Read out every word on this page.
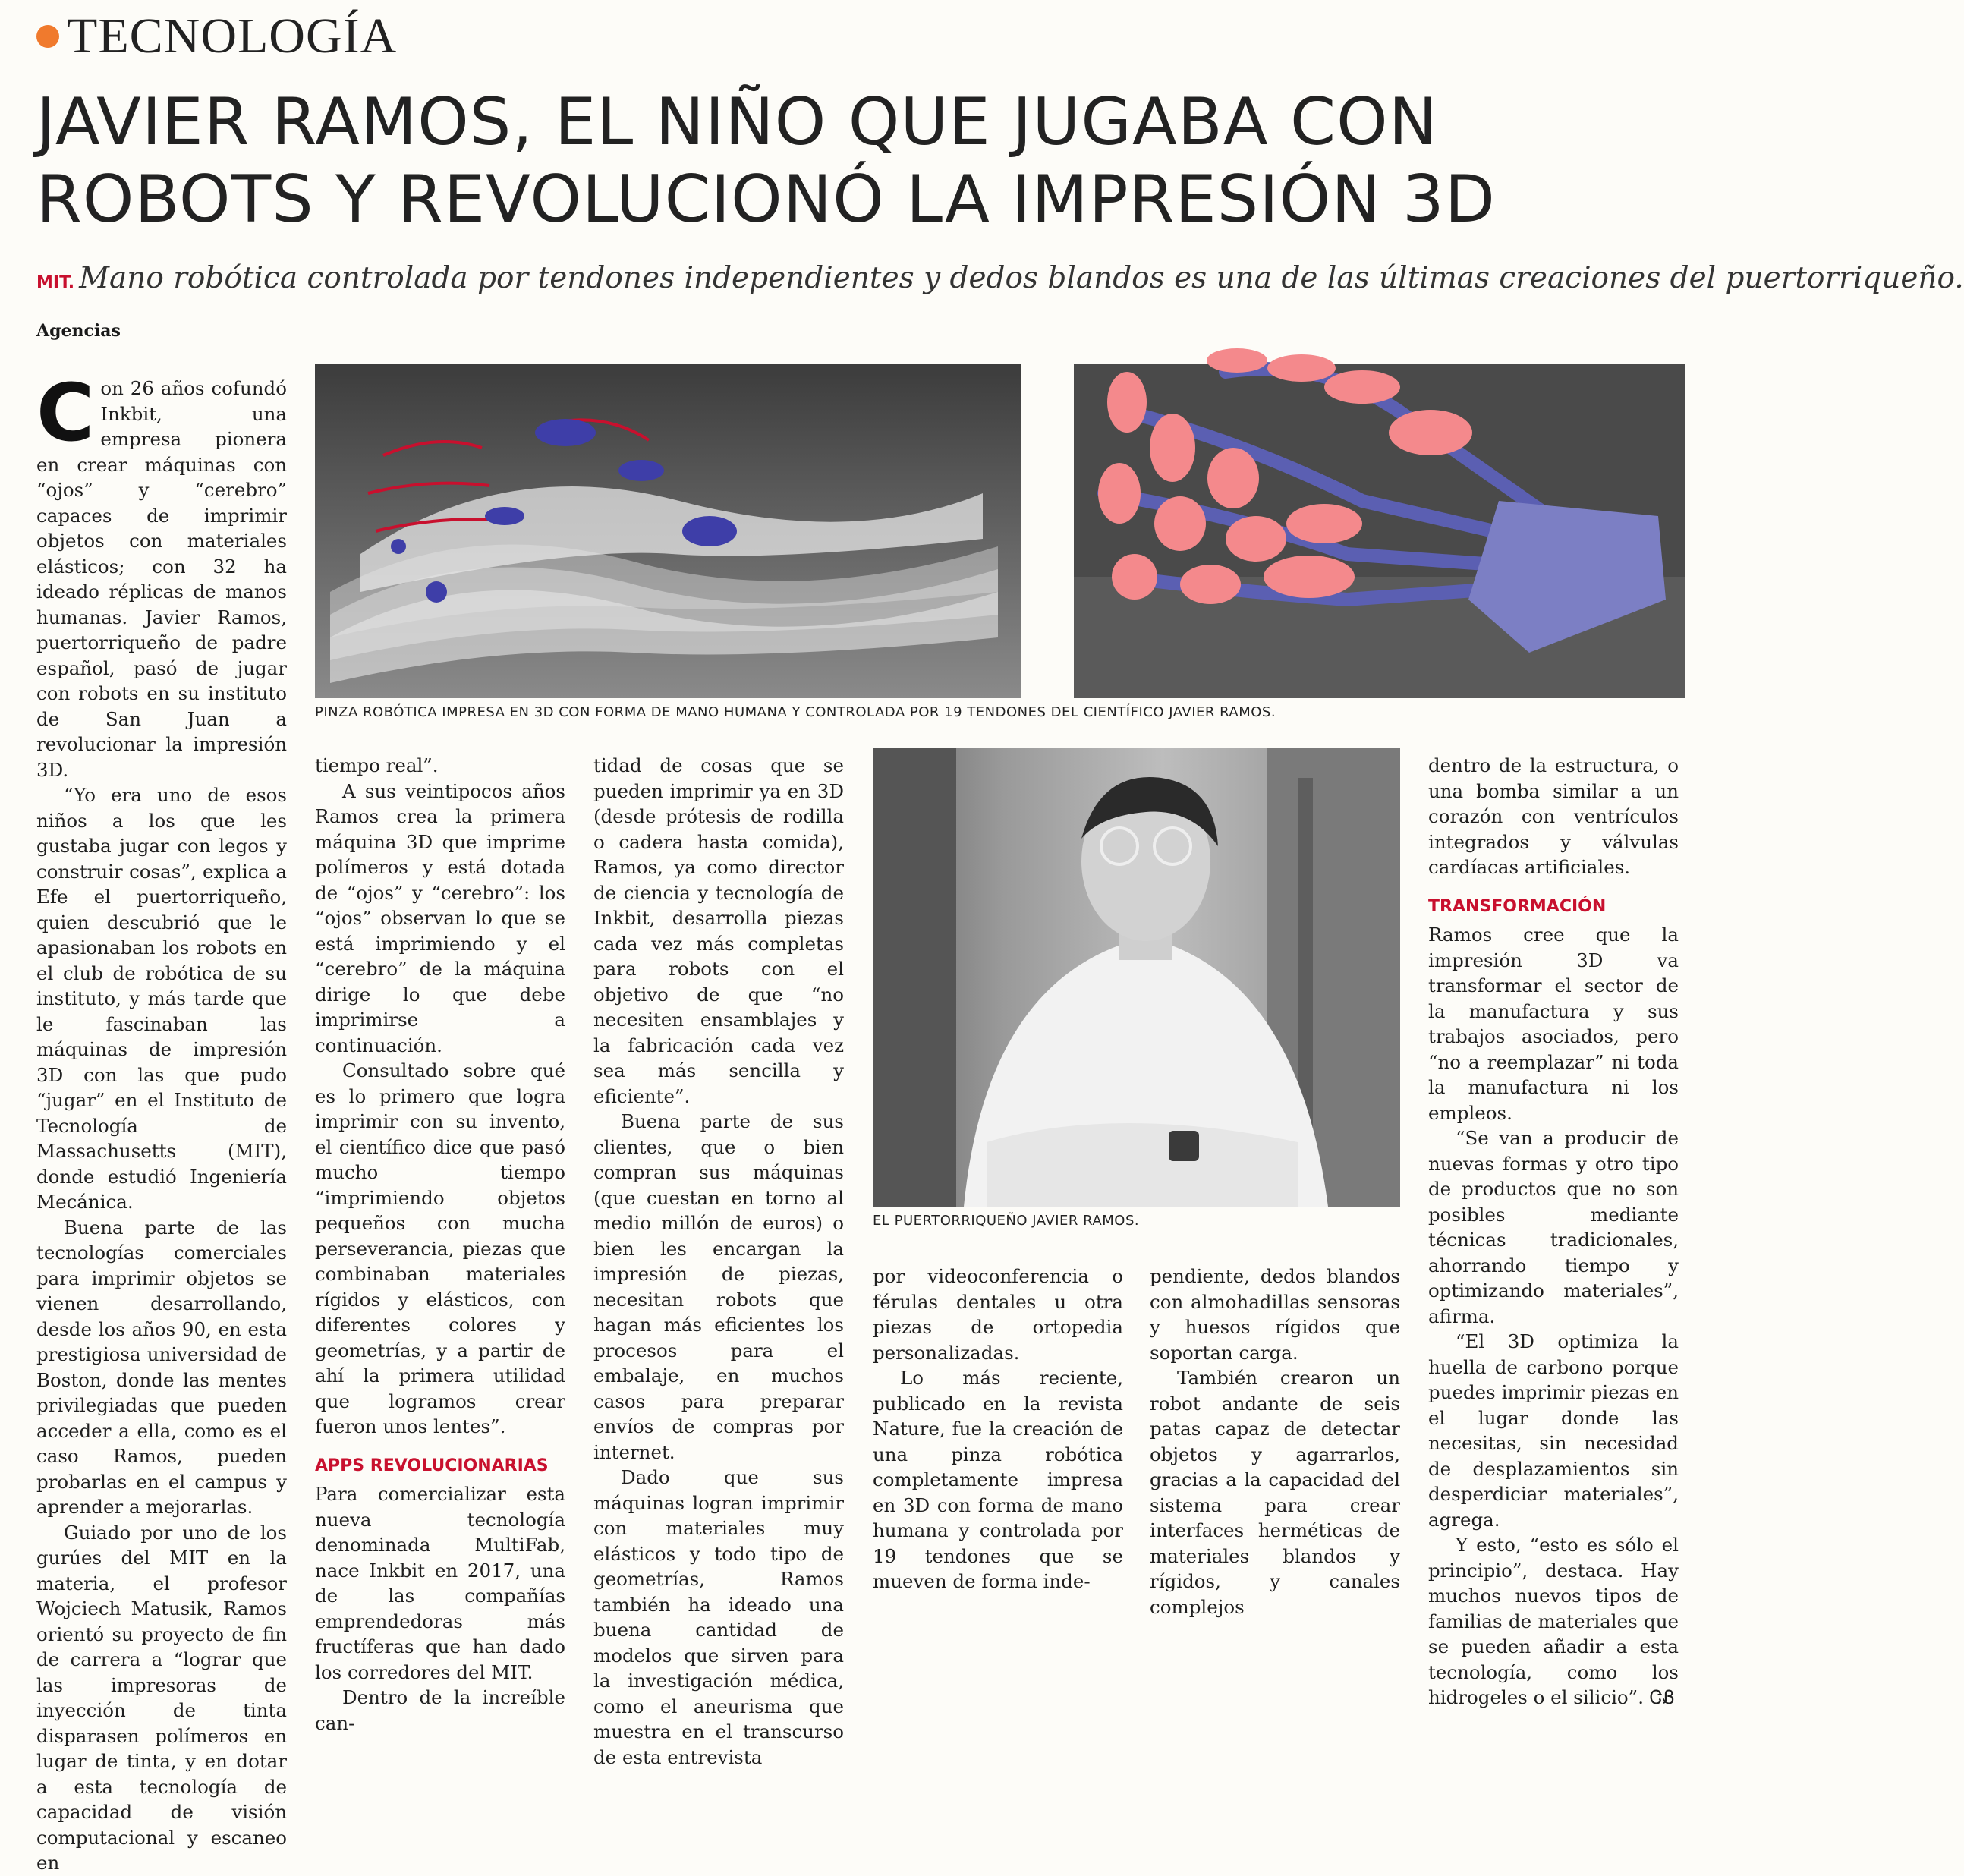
TECNOLOGÍA
JAVIER RAMOS, EL NIÑO QUE JUGABA CON
ROBOTS Y REVOLUCIONÓ LA IMPRESIÓN 3D
MIT. Mano robótica controlada por tendones independientes y dedos blandos es una de las últimas creaciones del puertorriqueño.
Agencias
PINZA ROBÓTICA IMPRESA EN 3D CON FORMA DE MANO HUMANA Y CONTROLADA POR 19 TENDONES DEL CIENTÍFICO JAVIER RAMOS.
EL PUERTORRIQUEÑO JAVIER RAMOS.

Con 26 años cofundó Inkbit, una empresa pionera en crear máquinas con “ojos” y “cerebro” capaces de imprimir objetos con materiales elásticos; con 32 ha ideado réplicas de manos humanas. Javier Ramos, puertorriqueño de padre español, pasó de jugar con robots en su instituto de San Juan a revolucionar la impresión 3D.

“Yo era uno de esos niños a los que les gustaba jugar con legos y construir cosas”, explica a Efe el puertorriqueño, quien descubrió que le apasionaban los robots en el club de robótica de su instituto, y más tarde que le fascinaban las máquinas de impresión 3D con las que pudo “jugar” en el Instituto de Tecnología de Massachusetts (MIT), donde estudió Ingeniería Mecánica.

Buena parte de las tecnologías comerciales para imprimir objetos se vienen desarrollando, desde los años 90, en esta prestigiosa universidad de Boston, donde las mentes privilegiadas que pueden acceder a ella, como es el caso Ramos, pueden probarlas en el campus y aprender a mejorarlas.

Guiado por uno de los gurúes del MIT en la materia, el profesor Wojciech Matusik, Ramos orientó su proyecto de fin de carrera a “lograr que las impresoras de inyección de tinta disparasen polímeros en lugar de tinta, y en dotar a esta tecnología de capacidad de visión computacional y escaneo en

tiempo real”.

A sus veintipocos años Ramos crea la primera máquina 3D que imprime polímeros y está dotada de “ojos” y “cerebro”: los “ojos” observan lo que se está imprimiendo y el “cerebro” de la máquina dirige lo que debe imprimirse a continuación.

Consultado sobre qué es lo primero que logra imprimir con su invento, el científico dice que pasó mucho tiempo “imprimiendo objetos pequeños con mucha perseverancia, piezas que combinaban materiales rígidos y elásticos, con diferentes colores y geometrías, y a partir de ahí la primera utilidad que logramos crear fueron unos lentes”.

APPS REVOLUCIONARIAS

Para comercializar esta nueva tecnología denominada MultiFab, nace Inkbit en 2017, una de las compañías emprendedoras más fructíferas que han dado los corredores del MIT.

Dentro de la increíble can-

tidad de cosas que se pueden imprimir ya en 3D (desde prótesis de rodilla o cadera hasta comida), Ramos, ya como director de ciencia y tecnología de Inkbit, desarrolla piezas cada vez más completas para robots con el objetivo de que “no necesiten ensamblajes y la fabricación cada vez sea más sencilla y eficiente”.

Buena parte de sus clientes, que o bien compran sus máquinas (que cuestan en torno al medio millón de euros) o bien les encargan la impresión de piezas, necesitan robots que hagan más eficientes los procesos para el embalaje, en muchos casos para preparar envíos de compras por internet.

Dado que sus máquinas logran imprimir con materiales muy elásticos y todo tipo de geometrías, Ramos también ha ideado una buena cantidad de modelos que sirven para la investigación médica, como el aneurisma que muestra en el transcurso de esta entrevista

por videoconferencia o férulas dentales u otra piezas de ortopedia personalizadas.

Lo más reciente, publicado en la revista Nature, fue la creación de una pinza robótica completamente impresa en 3D con forma de mano humana y controlada por 19 tendones que se mueven de forma inde-

pendiente, dedos blandos con almohadillas sensoras y huesos rígidos que soportan carga.

También crearon un robot andante de seis patas capaz de detectar objetos y agarrarlos, gracias a la capacidad del sistema para crear interfaces herméticas de materiales blandos y rígidos, y canales complejos

dentro de la estructura, o una bomba similar a un corazón con ventrículos integrados y válvulas cardíacas artificiales.

TRANSFORMACIÓN

Ramos cree que la impresión 3D va transformar el sector de la manufactura y sus trabajos asociados, pero “no a reemplazar” ni toda la manufactura ni los empleos.

“Se van a producir de nuevas formas y otro tipo de productos que no son posibles mediante técnicas tradicionales, ahorrando tiempo y optimizando materiales”, afirma.

“El 3D optimiza la huella de carbono porque puedes imprimir piezas en el lugar donde las necesitas, sin necesidad de desplazamientos sin desperdiciar materiales”, agrega.

Y esto, “esto es sólo el principio”, destaca. Hay muchos nuevos tipos de familias de materiales que se pueden añadir a esta tecnología, como los hidrogeles o el silicio”. ᏣᏰ
